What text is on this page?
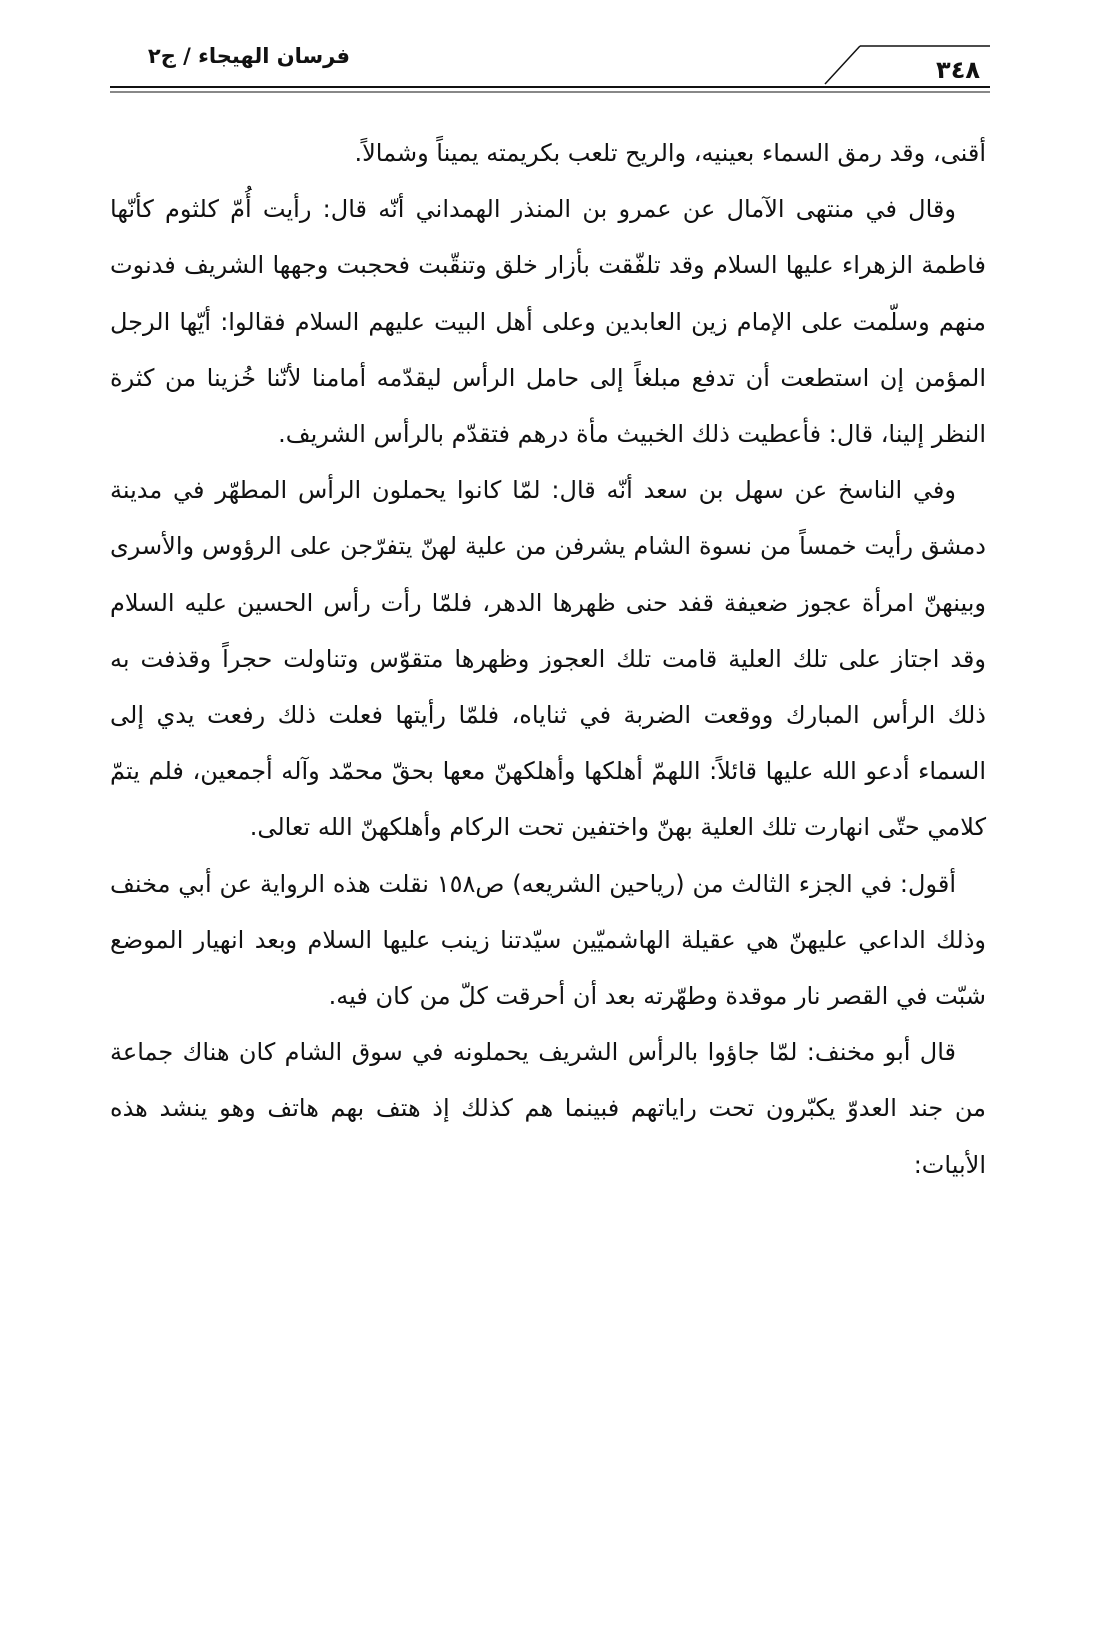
فرسان الهيجاء / ج٢	٣٤٨

أقنى، وقد رمق السماء بعينيه، والريح تلعب بكريمته يميناً وشمالاً.

وقال في منتهى الآمال عن عمرو بن المنذر الهمداني أنّه قال: رأيت أُمّ كلثوم كأنّها فاطمة الزهراء عليها السلام وقد تلفّقت بأزار خلق وتنقّبت فحجبت وجهها الشريف فدنوت منهم وسلّمت على الإمام زين العابدين وعلى أهل البيت عليهم السلام فقالوا: أيّها الرجل المؤمن إن استطعت أن تدفع مبلغاً إلى حامل الرأس ليقدّمه أمامنا لأنّنا خُزينا من كثرة النظر إلينا، قال: فأعطيت ذلك الخبيث مأة درهم فتقدّم بالرأس الشريف.

وفي الناسخ عن سهل بن سعد أنّه قال: لمّا كانوا يحملون الرأس المطهّر في مدينة دمشق رأيت خمساً من نسوة الشام يشرفن من علية لهنّ يتفرّجن على الرؤوس والأسرى وبينهنّ امرأة عجوز ضعيفة قفد حنى ظهرها الدهر، فلمّا رأت رأس الحسين عليه السلام وقد اجتاز على تلك العلية قامت تلك العجوز وظهرها متقوّس وتناولت حجراً وقذفت به ذلك الرأس المبارك ووقعت الضربة في ثناياه، فلمّا رأيتها فعلت ذلك رفعت يدي إلى السماء أدعو الله عليها قائلاً: اللهمّ أهلكها وأهلكهنّ معها بحقّ محمّد وآله أجمعين، فلم يتمّ كلامي حتّى انهارت تلك العلية بهنّ واختفين تحت الركام وأهلكهنّ الله تعالى.

أقول: في الجزء الثالث من (رياحين الشريعه) ص١٥٨ نقلت هذه الرواية عن أبي مخنف وذلك الداعي عليهنّ هي عقيلة الهاشميّين سيّدتنا زينب عليها السلام وبعد انهيار الموضع شبّت في القصر نار موقدة وطهّرته بعد أن أحرقت كلّ من كان فيه.

قال أبو مخنف: لمّا جاؤوا بالرأس الشريف يحملونه في سوق الشام كان هناك جماعة من جند العدوّ يكبّرون تحت راياتهم فبينما هم كذلك إذ هتف بهم هاتف وهو ينشد هذه الأبيات:
